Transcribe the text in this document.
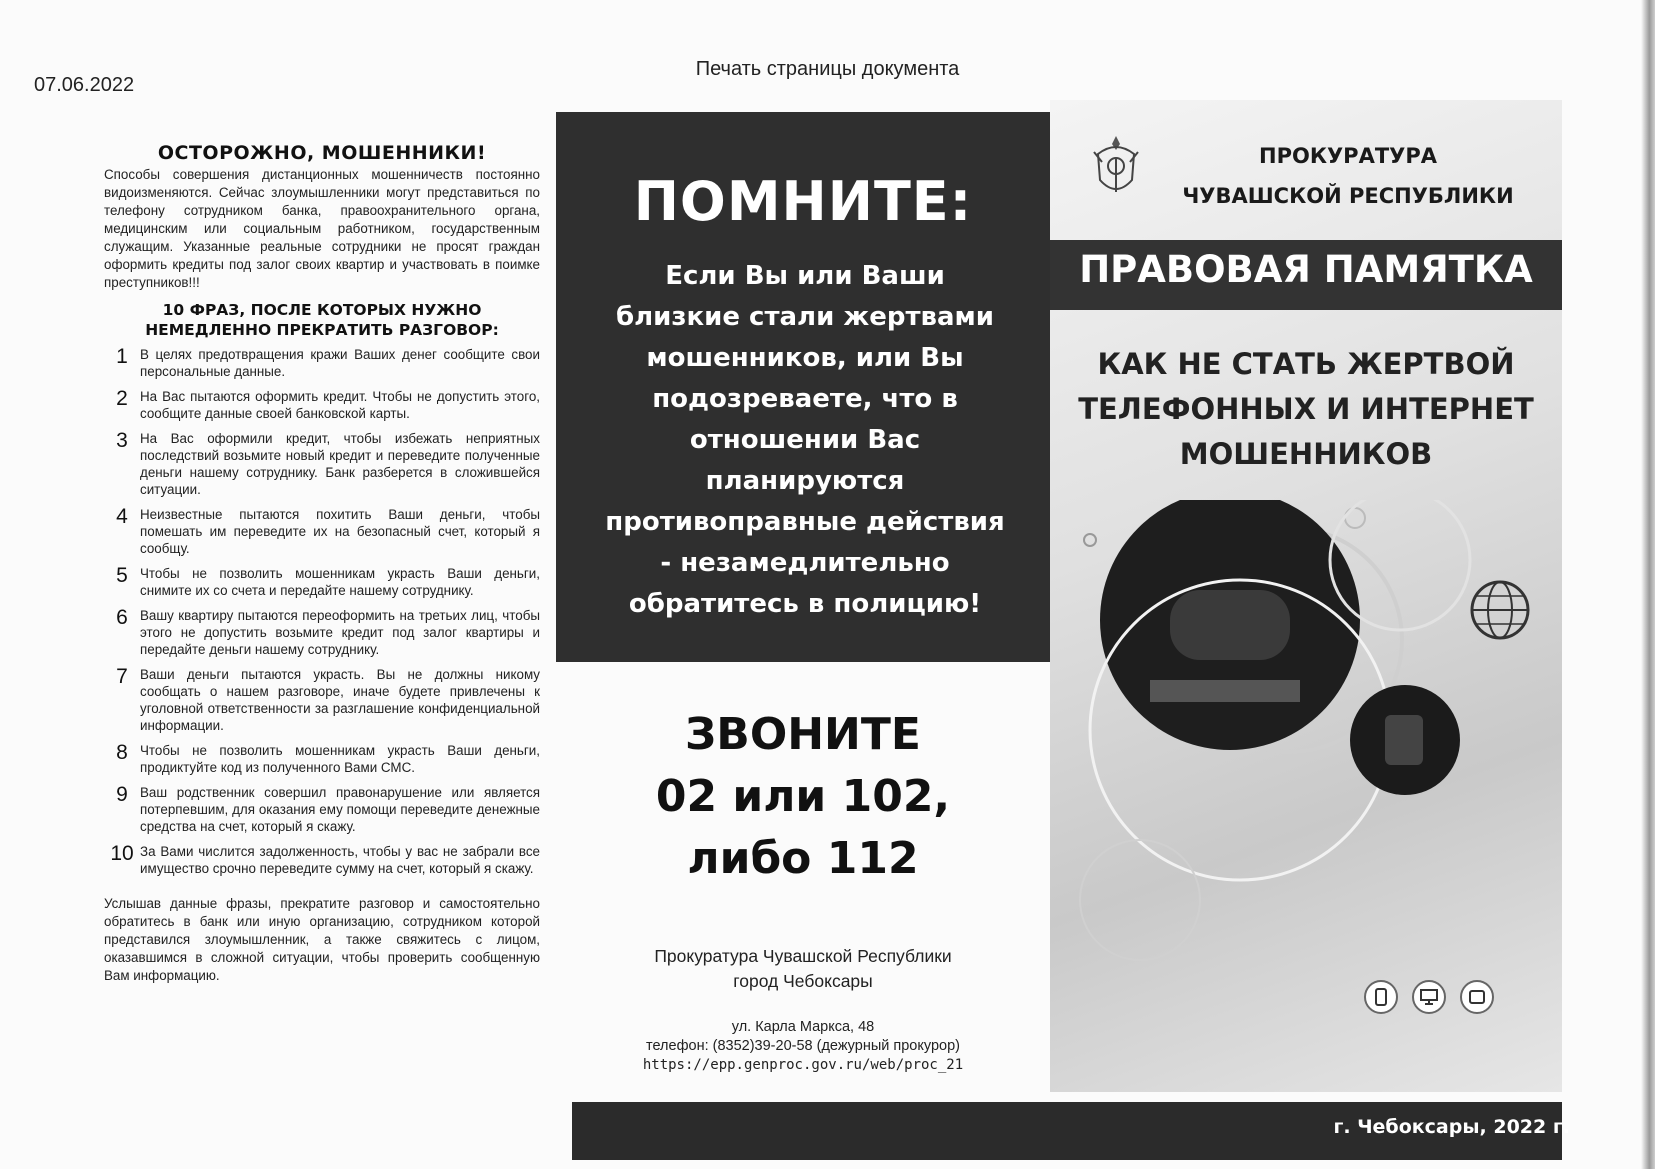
07.06.2022
Печать страницы документа
ОСТОРОЖНО, МОШЕННИКИ!

Способы совершения дистанционных мошенничеств постоянно видоизменяются. Сейчас злоумышленники могут представиться по телефону сотрудником банка, правоохранительного органа, медицинским или социальным работником, государственным служащим. Указанные реальные сотрудники не просят граждан оформить кредиты под залог своих квартир и участвовать в поимке преступников!!!

10 ФРАЗ, ПОСЛЕ КОТОРЫХ НУЖНО НЕМЕДЛЕННО ПРЕКРАТИТЬ РАЗГОВОР:
1 В целях предотвращения кражи Ваших денег сообщите свои персональные данные.
2 На Вас пытаются оформить кредит. Чтобы не допустить этого, сообщите данные своей банковской карты.
3 На Вас оформили кредит, чтобы избежать неприятных последствий возьмите новый кредит и переведите полученные деньги нашему сотруднику. Банк разберется в сложившейся ситуации.
4 Неизвестные пытаются похитить Ваши деньги, чтобы помешать им переведите их на безопасный счет, который я сообщу.
5 Чтобы не позволить мошенникам украсть Ваши деньги, снимите их со счета и передайте нашему сотруднику.
6 Вашу квартиру пытаются переоформить на третьих лиц, чтобы этого не допустить возьмите кредит под залог квартиры и передайте деньги нашему сотруднику.
7 Ваши деньги пытаются украсть. Вы не должны никому сообщать о нашем разговоре, иначе будете привлечены к уголовной ответственности за разглашение конфиденциальной информации.
8 Чтобы не позволить мошенникам украсть Ваши деньги, продиктуйте код из полученного Вами СМС.
9 Ваш родственник совершил правонарушение или является потерпевшим, для оказания ему помощи переведите денежные средства на счет, который я скажу.
10 За Вами числится задолженность, чтобы у вас не забрали все имущество срочно переведите сумму на счет, который я скажу.
Услышав данные фразы, прекратите разговор и самостоятельно обратитесь в банк или иную организацию, сотрудником которой представился злоумышленник, а также свяжитесь с лицом, оказавшимся в сложной ситуации, чтобы проверить сообщенную Вам информацию.
ПОМНИТЕ:
Если Вы или Ваши близкие стали жертвами мошенников, или Вы подозреваете, что в отношении Вас планируются противоправные действия - незамедлительно обратитесь в полицию!
ЗВОНИТЕ
02 или 102,
либо 112
Прокуратура Чувашской Республики
город Чебоксары
ул. Карла Маркса, 48
телефон: (8352)39-20-58 (дежурный прокурор)
https://epp.genproc.gov.ru/web/proc_21
ПРОКУРАТУРА
ЧУВАШСКОЙ РЕСПУБЛИКИ
ПРАВОВАЯ ПАМЯТКА
КАК НЕ СТАТЬ ЖЕРТВОЙ
ТЕЛЕФОННЫХ И ИНТЕРНЕТ
МОШЕННИКОВ
г. Чебоксары, 2022 г.
